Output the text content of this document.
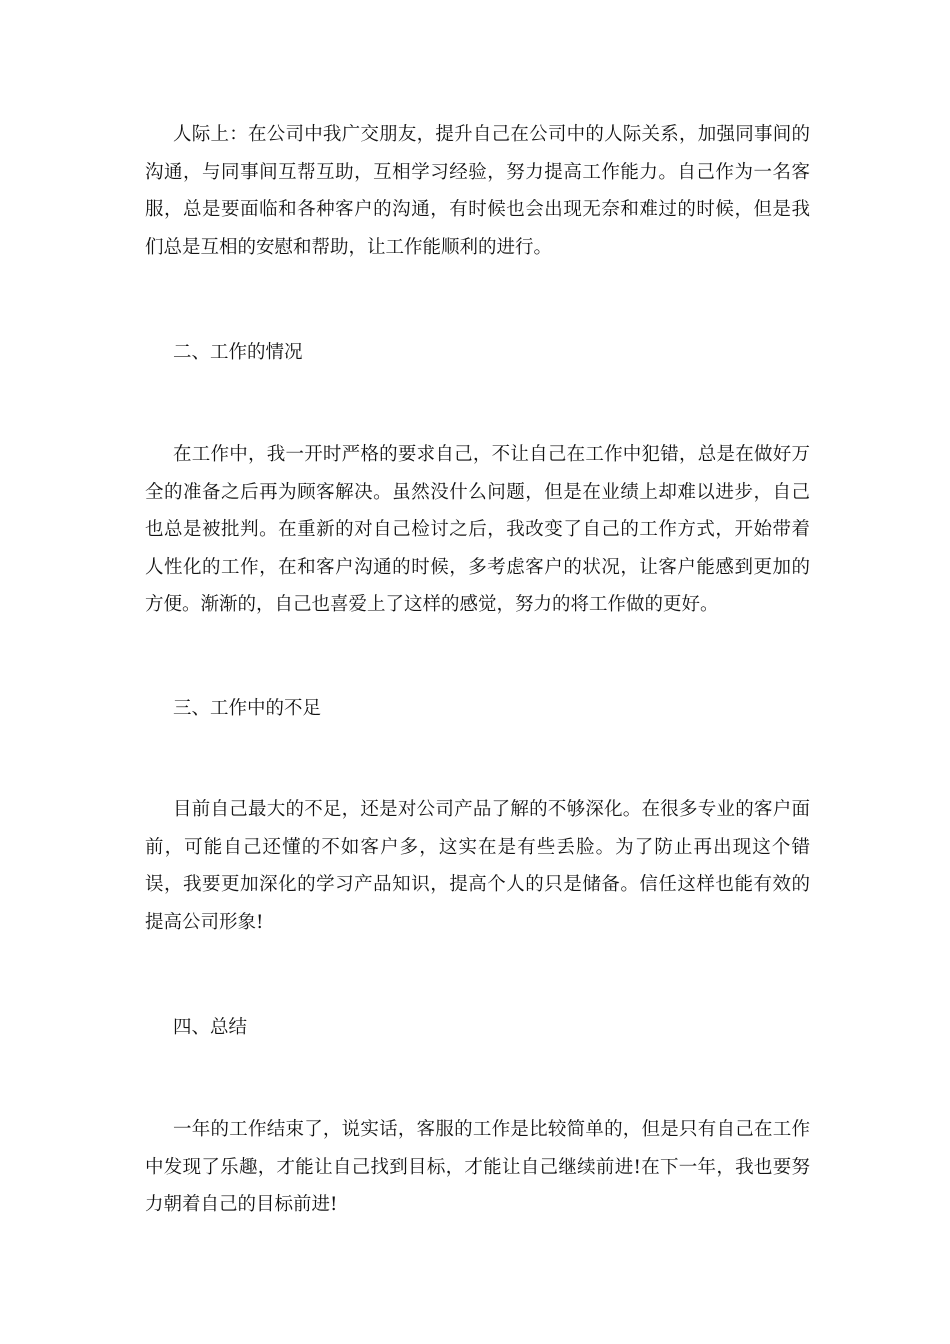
人际上：在公司中我广交朋友，提升自己在公司中的人际关系，加强同事间的沟通，与同事间互帮互助，互相学习经验，努力提高工作能力。自己作为一名客服，总是要面临和各种客户的沟通，有时候也会出现无奈和难过的时候，但是我们总是互相的安慰和帮助，让工作能顺利的进行。

二、工作的情况

在工作中，我一开时严格的要求自己，不让自己在工作中犯错，总是在做好万全的准备之后再为顾客解决。虽然没什么问题，但是在业绩上却难以进步，自己也总是被批判。在重新的对自己检讨之后，我改变了自己的工作方式，开始带着人性化的工作，在和客户沟通的时候，多考虑客户的状况，让客户能感到更加的方便。渐渐的，自己也喜爱上了这样的感觉，努力的将工作做的更好。

三、工作中的不足

目前自己最大的不足，还是对公司产品了解的不够深化。在很多专业的客户面前，可能自己还懂的不如客户多，这实在是有些丢脸。为了防止再出现这个错误，我要更加深化的学习产品知识，提高个人的只是储备。信任这样也能有效的提高公司形象!

四、总结

一年的工作结束了，说实话，客服的工作是比较简单的，但是只有自己在工作中发现了乐趣，才能让自己找到目标，才能让自己继续前进!在下一年，我也要努力朝着自己的目标前进!
